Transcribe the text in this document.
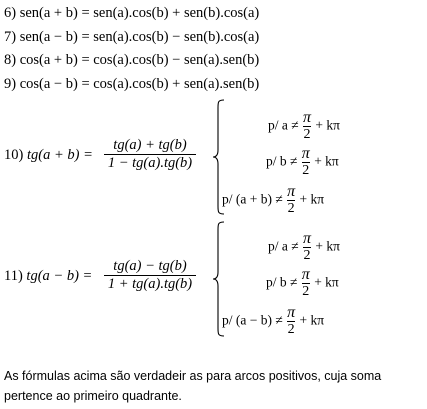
6) sen(a + b) = sen(a).cos(b) + sen(b).cos(a)
7) sen(a − b) = sen(a).cos(b) − sen(b).cos(a)
8) cos(a + b) = cos(a).cos(b) − sen(a).sen(b)
9) cos(a − b) = cos(a).cos(b) + sen(a).sen(b)
10) tg(a + b) =
tg(a) + tg(b)
1 − tg(a).tg(b)
p/ $a \ne \frac{\pi}{2} + k\pi$
p/ $b \ne \frac{\pi}{2} + k\pi$
p/ $(a + b) \ne \frac{\pi}{2} + k\pi$
11) tg(a − b) =
tg(a) − tg(b)
1 + tg(a).tg(b)
p/ $a \ne \frac{\pi}{2} + k\pi$
p/ $b \ne \frac{\pi}{2} + k\pi$
p/ $(a - b) \ne \frac{\pi}{2} + k\pi$
As fórmulas acima são verdadeir as para arcos positivos, cuja soma pertence ao primeiro quadrante.
